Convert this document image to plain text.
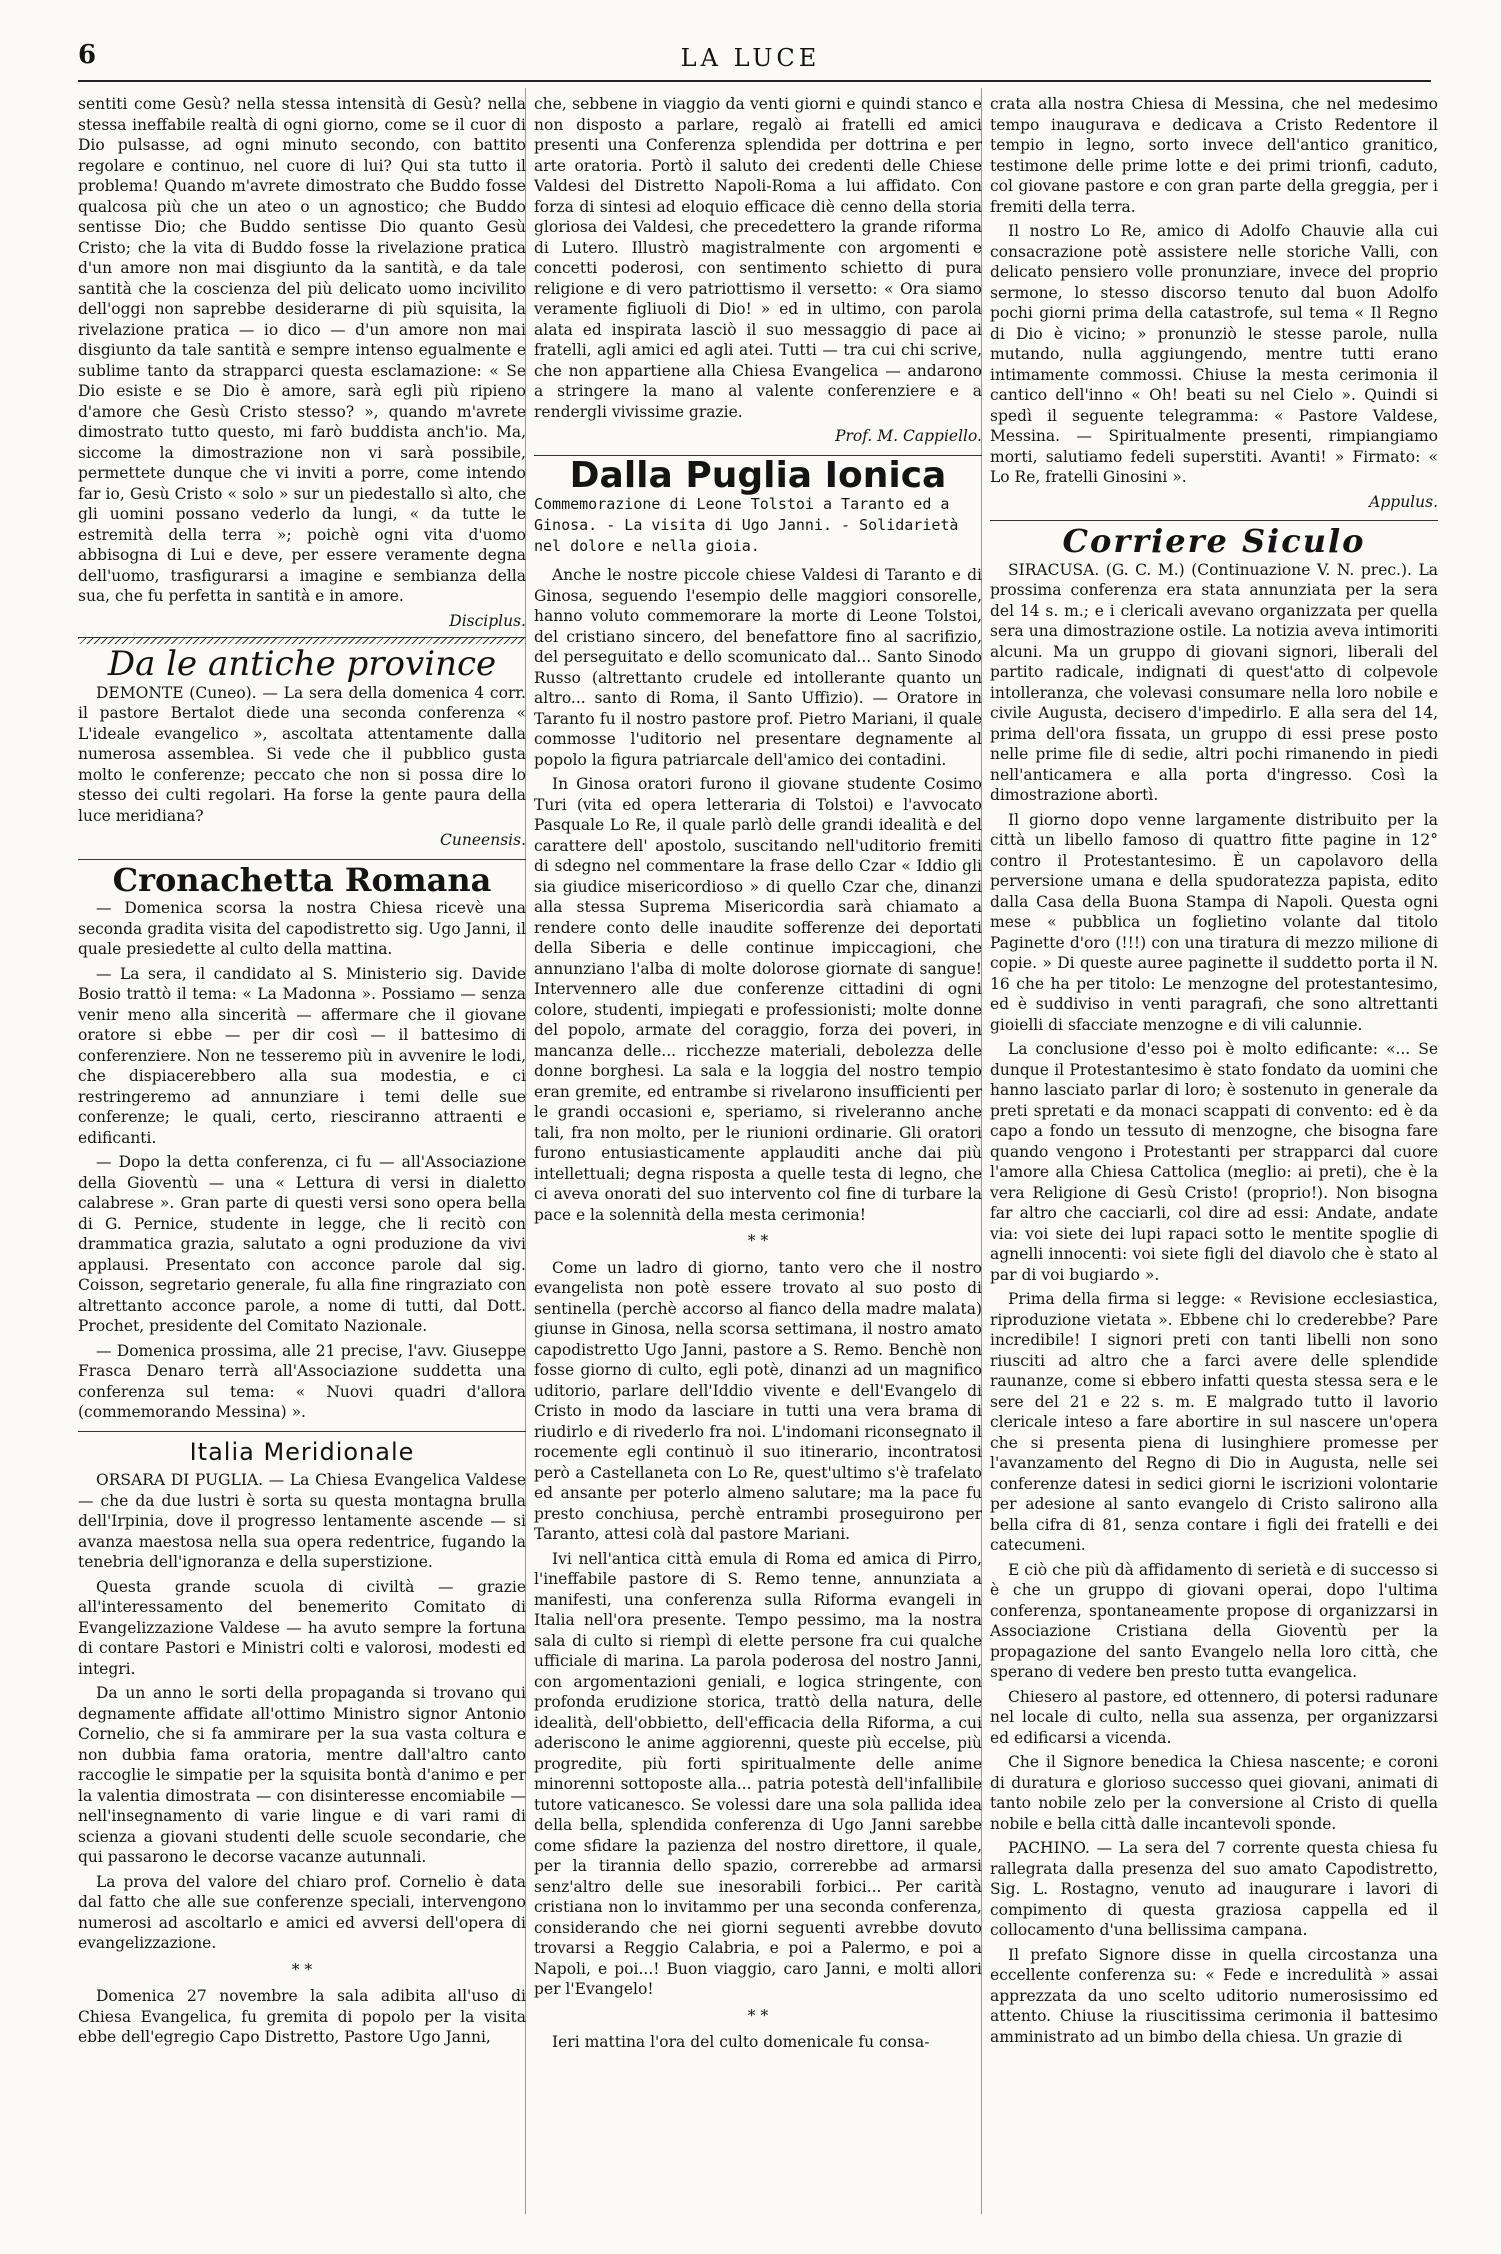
6	LA LUCE

sentiti come Gesù? nella stessa intensità di Gesù? nella stessa ineffabile realtà di ogni giorno, come se il cuor di Dio pulsasse, ad ogni minuto secondo, con battito regolare e continuo, nel cuore di lui? Qui sta tutto il problema! Quando m'avrete dimostrato che Buddo fosse qualcosa più che un ateo o un agnostico; che Buddo sentisse Dio; che Buddo sentisse Dio quanto Gesù Cristo; che la vita di Buddo fosse la rivelazione pratica d'un amore non mai disgiunto da la santità, e da tale santità che la coscienza del più delicato uomo incivilito dell'oggi non saprebbe desiderarne di più squisita, la rivelazione pratica — io dico — d'un amore non mai disgiunto da tale santità e sempre intenso egualmente e sublime tanto da strapparci questa esclamazione: « Se Dio esiste e se Dio è amore, sarà egli più ripieno d'amore che Gesù Cristo stesso? », quando m'avrete dimostrato tutto questo, mi farò buddista anch'io. Ma, siccome la dimostrazione non vi sarà possibile, permettete dunque che vi inviti a porre, come intendo far io, Gesù Cristo « solo » sur un piedestallo sì alto, che gli uomini possano vederlo da lungi, « da tutte le estremità della terra »; poichè ogni vita d'uomo abbisogna di Lui e deve, per essere veramente degna dell'uomo, trasfigurarsi a imagine e sembianza della sua, che fu perfetta in santità e in amore.

Disciplus.
Da le antiche province

DEMONTE (Cuneo). — La sera della domenica 4 corr. il pastore Bertalot diede una seconda conferenza « L'ideale evangelico », ascoltata attentamente dalla numerosa assemblea. Si vede che il pubblico gusta molto le conferenze; peccato che non si possa dire lo stesso dei culti regolari. Ha forse la gente paura della luce meridiana?

Cuneensis.
Cronachetta Romana

— Domenica scorsa la nostra Chiesa ricevè una seconda gradita visita del capodistretto sig. Ugo Janni, il quale presiedette al culto della mattina.

— La sera, il candidato al S. Ministerio sig. Davide Bosio trattò il tema: « La Madonna ». Possiamo — senza venir meno alla sincerità — affermare che il giovane oratore si ebbe — per dir così — il battesimo di conferenziere. Non ne tesseremo più in avvenire le lodi, che dispiacerebbero alla sua modestia, e ci restringeremo ad annunziare i temi delle sue conferenze; le quali, certo, riesciranno attraenti e edificanti.

— Dopo la detta conferenza, ci fu — all'Associazione della Gioventù — una « Lettura di versi in dialetto calabrese ». Gran parte di questi versi sono opera bella di G. Pernice, studente in legge, che li recitò con drammatica grazia, salutato a ogni produzione da vivi applausi. Presentato con acconce parole dal sig. Coisson, segretario generale, fu alla fine ringraziato con altrettanto acconce parole, a nome di tutti, dal Dott. Prochet, presidente del Comitato Nazionale.

— Domenica prossima, alle 21 precise, l'avv. Giuseppe Frasca Denaro terrà all'Associazione suddetta una conferenza sul tema: « Nuovi quadri d'allora (commemorando Messina) ».

Italia Meridionale

ORSARA DI PUGLIA. — La Chiesa Evangelica Valdese — che da due lustri è sorta su questa montagna brulla dell'Irpinia, dove il progresso lentamente ascende — si avanza maestosa nella sua opera redentrice, fugando la tenebria dell'ignoranza e della superstizione.

Questa grande scuola di civiltà — grazie all'interessamento del benemerito Comitato di Evangelizzazione Valdese — ha avuto sempre la fortuna di contare Pastori e Ministri colti e valorosi, modesti ed integri.

Da un anno le sorti della propaganda si trovano qui degnamente affidate all'ottimo Ministro signor Antonio Cornelio, che si fa ammirare per la sua vasta coltura e non dubbia fama oratoria, mentre dall'altro canto raccoglie le simpatie per la squisita bontà d'animo e per la valentia dimostrata — con disinteresse encomiabile — nell'insegnamento di varie lingue e di vari rami di scienza a giovani studenti delle scuole secondarie, che qui passarono le decorse vacanze autunnali.

La prova del valore del chiaro prof. Cornelio è data dal fatto che alle sue conferenze speciali, intervengono numerosi ad ascoltarlo e amici ed avversi dell'opera di evangelizzazione.

* *

Domenica 27 novembre la sala adibita all'uso di Chiesa Evangelica, fu gremita di popolo per la visita ebbe dell'egregio Capo Distretto, Pastore Ugo Janni,

che, sebbene in viaggio da venti giorni e quindi stanco e non disposto a parlare, regalò ai fratelli ed amici presenti una Conferenza splendida per dottrina e per arte oratoria. Portò il saluto dei credenti delle Chiese Valdesi del Distretto Napoli-Roma a lui affidato. Con forza di sintesi ad eloquio efficace diè cenno della storia gloriosa dei Valdesi, che precedettero la grande riforma di Lutero. Illustrò magistralmente con argomenti e concetti poderosi, con sentimento schietto di pura religione e di vero patriottismo il versetto: « Ora siamo veramente figliuoli di Dio! » ed in ultimo, con parola alata ed inspirata lasciò il suo messaggio di pace ai fratelli, agli amici ed agli atei. Tutti — tra cui chi scrive, che non appartiene alla Chiesa Evangelica — andarono a stringere la mano al valente conferenziere e a rendergli vivissime grazie.

Prof. M. Cappiello.
Dalla Puglia Ionica
Commemorazione di Leone Tolstoi a Taranto ed a Ginosa. - La visita di Ugo Janni. - Solidarietà nel dolore e nella gioia.

Anche le nostre piccole chiese Valdesi di Taranto e di Ginosa, seguendo l'esempio delle maggiori consorelle, hanno voluto commemorare la morte di Leone Tolstoi, del cristiano sincero, del benefattore fino al sacrifizio, del perseguitato e dello scomunicato dal... Santo Sinodo Russo (altrettanto crudele ed intollerante quanto un altro... santo di Roma, il Santo Uffizio). — Oratore in Taranto fu il nostro pastore prof. Pietro Mariani, il quale commosse l'uditorio nel presentare degnamente al popolo la figura patriarcale dell'amico dei contadini.

In Ginosa oratori furono il giovane studente Cosimo Turi (vita ed opera letteraria di Tolstoi) e l'avvocato Pasquale Lo Re, il quale parlò delle grandi idealità e del carattere dell' apostolo, suscitando nell'uditorio fremiti di sdegno nel commentare la frase dello Czar « Iddio gli sia giudice misericordioso » di quello Czar che, dinanzi alla stessa Suprema Misericordia sarà chiamato a rendere conto delle inaudite sofferenze dei deportati della Siberia e delle continue impiccagioni, che annunziano l'alba di molte dolorose giornate di sangue! Intervennero alle due conferenze cittadini di ogni colore, studenti, impiegati e professionisti; molte donne del popolo, armate del coraggio, forza dei poveri, in mancanza delle... ricchezze materiali, debolezza delle donne borghesi. La sala e la loggia del nostro tempio eran gremite, ed entrambe si rivelarono insufficienti per le grandi occasioni e, speriamo, si riveleranno anche tali, fra non molto, per le riunioni ordinarie. Gli oratori furono entusiasticamente applauditi anche dai più intellettuali; degna risposta a quelle testa di legno, che ci aveva onorati del suo intervento col fine di turbare la pace e la solennità della mesta cerimonia!

* *

Come un ladro di giorno, tanto vero che il nostro evangelista non potè essere trovato al suo posto di sentinella (perchè accorso al fianco della madre malata) giunse in Ginosa, nella scorsa settimana, il nostro amato capodistretto Ugo Janni, pastore a S. Remo. Benchè non fosse giorno di culto, egli potè, dinanzi ad un magnifico uditorio, parlare dell'Iddio vivente e dell'Evangelo di Cristo in modo da lasciare in tutti una vera brama di riudirlo e di rivederlo fra noi. L'indomani riconsegnato il rocemente egli continuò il suo itinerario, incontratosi però a Castellaneta con Lo Re, quest'ultimo s'è trafelato ed ansante per poterlo almeno salutare; ma la pace fu presto conchiusa, perchè entrambi proseguirono per Taranto, attesi colà dal pastore Mariani.

Ivi nell'antica città emula di Roma ed amica di Pirro, l'ineffabile pastore di S. Remo tenne, annunziata a manifesti, una conferenza sulla Riforma evangeli in Italia nell'ora presente. Tempo pessimo, ma la nostra sala di culto si riempì di elette persone fra cui qualche ufficiale di marina. La parola poderosa del nostro Janni, con argomentazioni geniali, e logica stringente, con profonda erudizione storica, trattò della natura, delle idealità, dell'obbietto, dell'efficacia della Riforma, a cui aderiscono le anime aggiorenni, queste più eccelse, più progredite, più forti spiritualmente delle anime minorenni sottoposte alla... patria potestà dell'infallibile tutore vaticanesco. Se volessi dare una sola pallida idea della bella, splendida conferenza di Ugo Janni sarebbe come sfidare la pazienza del nostro direttore, il quale, per la tirannia dello spazio, correrebbe ad armarsi senz'altro delle sue inesorabili forbici... Per carità cristiana non lo invitammo per una seconda conferenza, considerando che nei giorni seguenti avrebbe dovuto trovarsi a Reggio Calabria, e poi a Palermo, e poi a Napoli, e poi...! Buon viaggio, caro Janni, e molti allori per l'Evangelo!

* *

Ieri mattina l'ora del culto domenicale fu consa-

crata alla nostra Chiesa di Messina, che nel medesimo tempo inaugurava e dedicava a Cristo Redentore il tempio in legno, sorto invece dell'antico granitico, testimone delle prime lotte e dei primi trionfi, caduto, col giovane pastore e con gran parte della greggia, per i fremiti della terra.

Il nostro Lo Re, amico di Adolfo Chauvie alla cui consacrazione potè assistere nelle storiche Valli, con delicato pensiero volle pronunziare, invece del proprio sermone, lo stesso discorso tenuto dal buon Adolfo pochi giorni prima della catastrofe, sul tema « Il Regno di Dio è vicino; » pronunziò le stesse parole, nulla mutando, nulla aggiungendo, mentre tutti erano intimamente commossi. Chiuse la mesta cerimonia il cantico dell'inno « Oh! beati su nel Cielo ». Quindi si spedì il seguente telegramma: « Pastore Valdese, Messina. — Spiritualmente presenti, rimpiangiamo morti, salutiamo fedeli superstiti. Avanti! » Firmato: « Lo Re, fratelli Ginosini ».

Appulus.
Corriere Siculo

SIRACUSA. (G. C. M.) (Continuazione V. N. prec.). La prossima conferenza era stata annunziata per la sera del 14 s. m.; e i clericali avevano organizzata per quella sera una dimostrazione ostile. La notizia aveva intimoriti alcuni. Ma un gruppo di giovani signori, liberali del partito radicale, indignati di quest'atto di colpevole intolleranza, che volevasi consumare nella loro nobile e civile Augusta, decisero d'impedirlo. E alla sera del 14, prima dell'ora fissata, un gruppo di essi prese posto nelle prime file di sedie, altri pochi rimanendo in piedi nell'anticamera e alla porta d'ingresso. Così la dimostrazione abortì.

Il giorno dopo venne largamente distribuito per la città un libello famoso di quattro fitte pagine in 12° contro il Protestantesimo. È un capolavoro della perversione umana e della spudoratezza papista, edito dalla Casa della Buona Stampa di Napoli. Questa ogni mese « pubblica un foglietino volante dal titolo Paginette d'oro (!!!) con una tiratura di mezzo milione di copie. » Di queste auree paginette il suddetto porta il N. 16 che ha per titolo: Le menzogne del protestantesimo, ed è suddiviso in venti paragrafi, che sono altrettanti gioielli di sfacciate menzogne e di vili calunnie.

La conclusione d'esso poi è molto edificante: «... Se dunque il Protestantesimo è stato fondato da uomini che hanno lasciato parlar di loro; è sostenuto in generale da preti spretati e da monaci scappati di convento: ed è da capo a fondo un tessuto di menzogne, che bisogna fare quando vengono i Protestanti per strapparci dal cuore l'amore alla Chiesa Cattolica (meglio: ai preti), che è la vera Religione di Gesù Cristo! (proprio!). Non bisogna far altro che cacciarli, col dire ad essi: Andate, andate via: voi siete dei lupi rapaci sotto le mentite spoglie di agnelli innocenti: voi siete figli del diavolo che è stato al par di voi bugiardo ».

Prima della firma si legge: « Revisione ecclesiastica, riproduzione vietata ». Ebbene chi lo crederebbe? Pare incredibile! I signori preti con tanti libelli non sono riusciti ad altro che a farci avere delle splendide raunanze, come si ebbero infatti questa stessa sera e le sere del 21 e 22 s. m. E malgrado tutto il lavorio clericale inteso a fare abortire in sul nascere un'opera che si presenta piena di lusinghiere promesse per l'avanzamento del Regno di Dio in Augusta, nelle sei conferenze datesi in sedici giorni le iscrizioni volontarie per adesione al santo evangelo di Cristo salirono alla bella cifra di 81, senza contare i figli dei fratelli e dei catecumeni.

E ciò che più dà affidamento di serietà e di successo si è che un gruppo di giovani operai, dopo l'ultima conferenza, spontaneamente propose di organizzarsi in Associazione Cristiana della Gioventù per la propagazione del santo Evangelo nella loro città, che sperano di vedere ben presto tutta evangelica.

Chiesero al pastore, ed ottennero, di potersi radunare nel locale di culto, nella sua assenza, per organizzarsi ed edificarsi a vicenda.

Che il Signore benedica la Chiesa nascente; e coroni di duratura e glorioso successo quei giovani, animati di tanto nobile zelo per la conversione al Cristo di quella nobile e bella città dalle incantevoli sponde.

PACHINO. — La sera del 7 corrente questa chiesa fu rallegrata dalla presenza del suo amato Capodistretto, Sig. L. Rostagno, venuto ad inaugurare i lavori di compimento di questa graziosa cappella ed il collocamento d'una bellissima campana.

Il prefato Signore disse in quella circostanza una eccellente conferenza su: « Fede e incredulità » assai apprezzata da uno scelto uditorio numerosissimo ed attento. Chiuse la riuscitissima cerimonia il battesimo amministrato ad un bimbo della chiesa. Un grazie di
